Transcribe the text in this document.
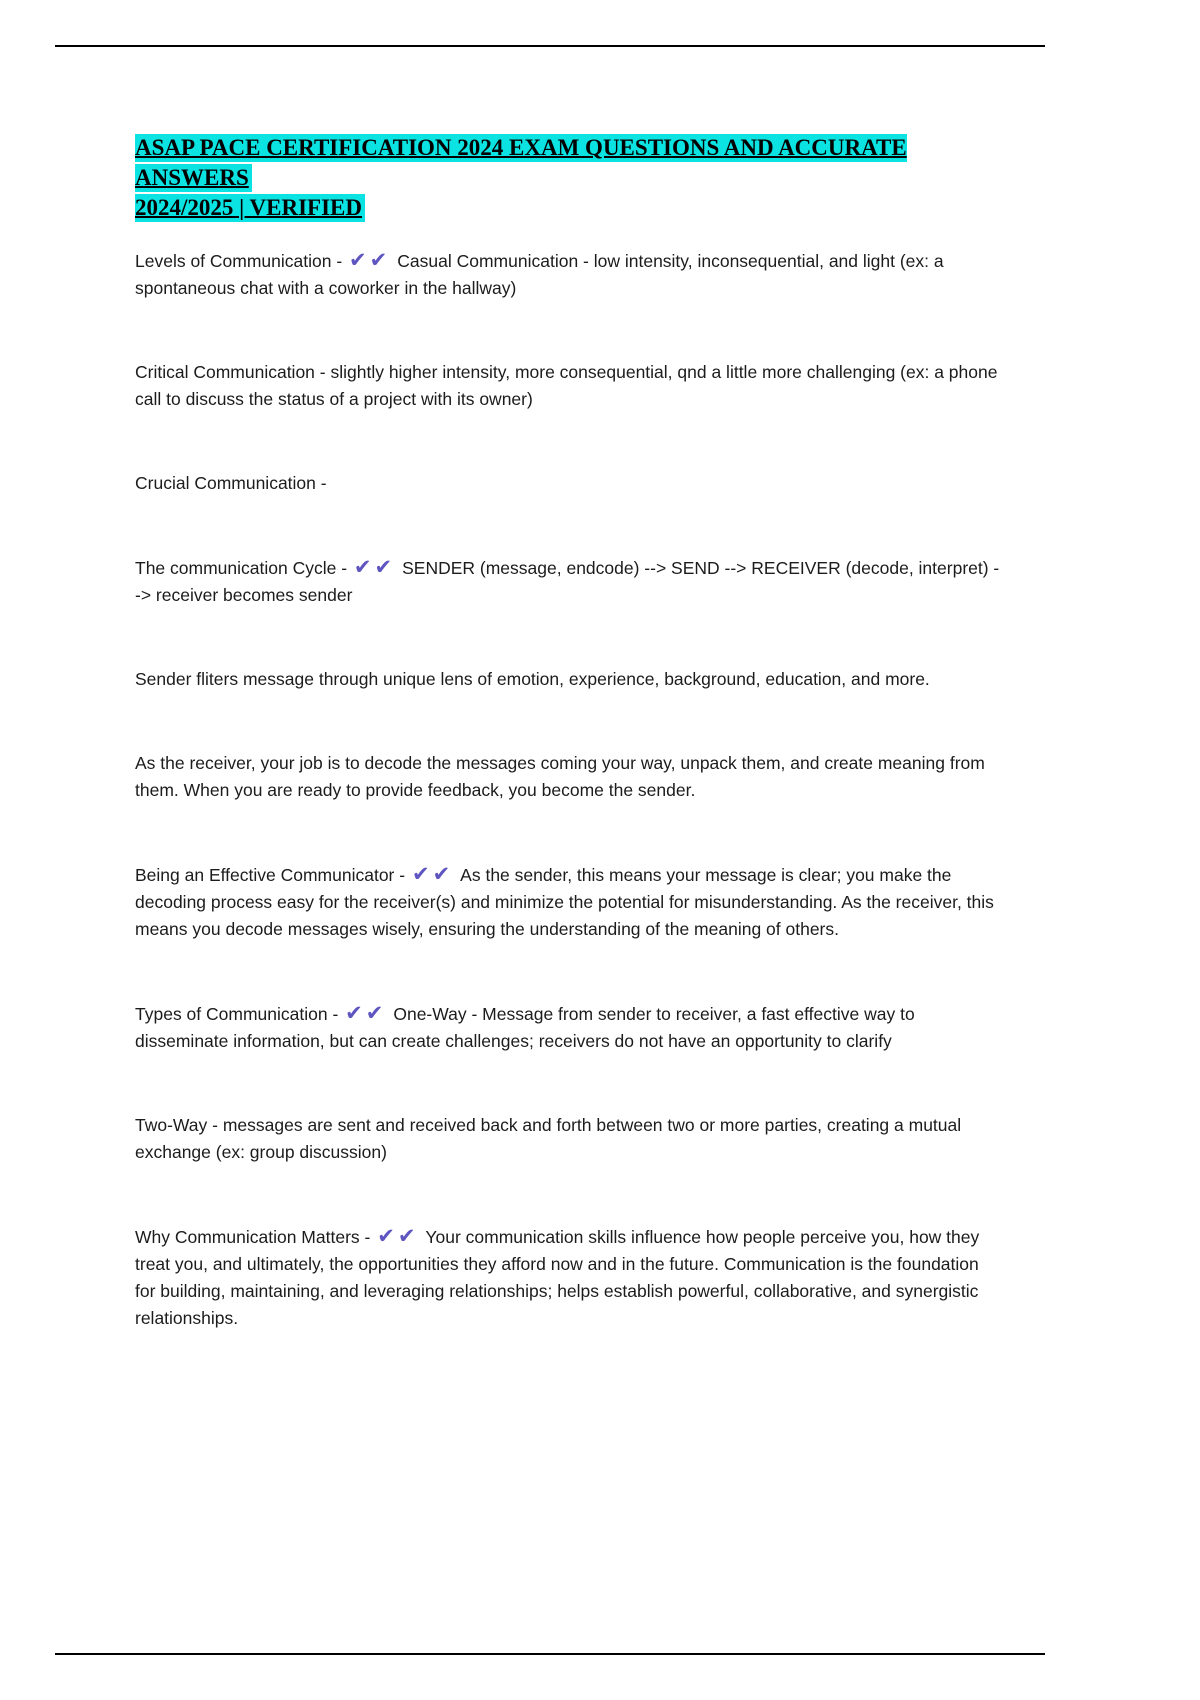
ASAP PACE CERTIFICATION 2024 EXAM QUESTIONS AND ACCURATE ANSWERS
2024/2025 | VERIFIED

Levels of Communication - ✔✔ Casual Communication - low intensity, inconsequential, and light (ex: a spontaneous chat with a coworker in the hallway)

Critical Communication - slightly higher intensity, more consequential, qnd a little more challenging (ex: a phone call to discuss the status of a project with its owner)

Crucial Communication -

The communication Cycle - ✔✔ SENDER (message, endcode) --> SEND --> RECEIVER (decode, interpret) --> receiver becomes sender

Sender fliters message through unique lens of emotion, experience, background, education, and more.

As the receiver, your job is to decode the messages coming your way, unpack them, and create meaning from them. When you are ready to provide feedback, you become the sender.

Being an Effective Communicator - ✔✔ As the sender, this means your message is clear; you make the decoding process easy for the receiver(s) and minimize the potential for misunderstanding. As the receiver, this means you decode messages wisely, ensuring the understanding of the meaning of others.

Types of Communication - ✔✔ One-Way - Message from sender to receiver, a fast effective way to disseminate information, but can create challenges; receivers do not have an opportunity to clarify

Two-Way - messages are sent and received back and forth between two or more parties, creating a mutual exchange (ex: group discussion)

Why Communication Matters - ✔✔ Your communication skills influence how people perceive you, how they treat you, and ultimately, the opportunities they afford now and in the future. Communication is the foundation for building, maintaining, and leveraging relationships; helps establish powerful, collaborative, and synergistic relationships.
